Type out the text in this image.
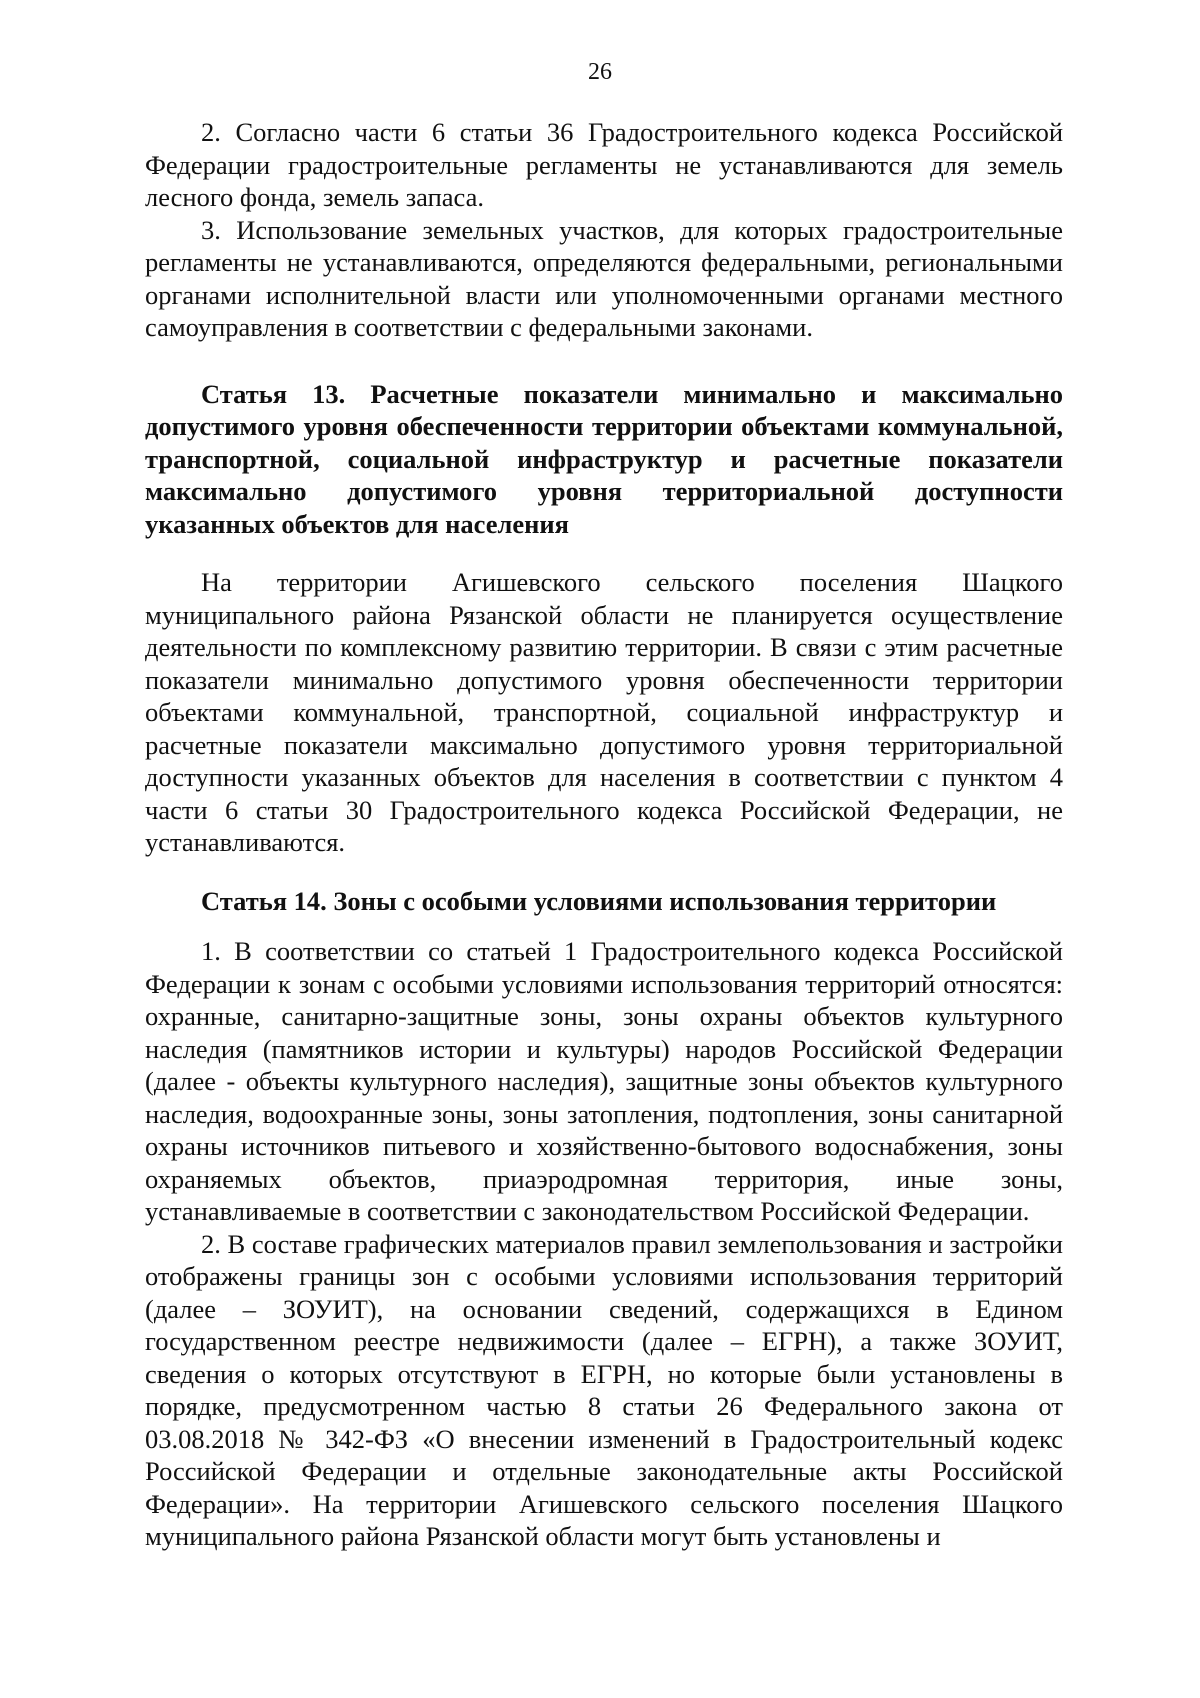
26

2. Согласно части 6 статьи 36 Градостроительного кодекса Российской Федерации градостроительные регламенты не устанавливаются для земель лесного фонда, земель запаса.

3. Использование земельных участков, для которых градостроительные регламенты не устанавливаются, определяются федеральными, региональными органами исполнительной власти или уполномоченными органами местного самоуправления в соответствии с федеральными законами.

Статья 13. Расчетные показатели минимально и максимально допустимого уровня обеспеченности территории объектами коммунальной, транспортной, социальной инфраструктур и расчетные показатели максимально допустимого уровня территориальной доступности указанных объектов для населения

На территории Агишевского сельского поселения Шацкого муниципального района Рязанской области не планируется осуществление деятельности по комплексному развитию территории. В связи с этим расчетные показатели минимально допустимого уровня обеспеченности территории объектами коммунальной, транспортной, социальной инфраструктур и расчетные показатели максимально допустимого уровня территориальной доступности указанных объектов для населения в соответствии с пунктом 4 части 6 статьи 30 Градостроительного кодекса Российской Федерации, не устанавливаются.

Статья 14. Зоны с особыми условиями использования территории

1. В соответствии со статьей 1 Градостроительного кодекса Российской Федерации к зонам с особыми условиями использования территорий относятся: охранные, санитарно-защитные зоны, зоны охраны объектов культурного наследия (памятников истории и культуры) народов Российской Федерации (далее - объекты культурного наследия), защитные зоны объектов культурного наследия, водоохранные зоны, зоны затопления, подтопления, зоны санитарной охраны источников питьевого и хозяйственно-бытового водоснабжения, зоны охраняемых объектов, приаэродромная территория, иные зоны, устанавливаемые в соответствии с законодательством Российской Федерации.

2. В составе графических материалов правил землепользования и застройки отображены границы зон с особыми условиями использования территорий (далее – ЗОУИТ), на основании сведений, содержащихся в Едином государственном реестре недвижимости (далее – ЕГРН), а также ЗОУИТ, сведения о которых отсутствуют в ЕГРН, но которые были установлены в порядке, предусмотренном частью 8 статьи 26 Федерального закона от 03.08.2018 № 342-ФЗ «О внесении изменений в Градостроительный кодекс Российской Федерации и отдельные законодательные акты Российской Федерации». На территории Агишевского сельского поселения Шацкого муниципального района Рязанской области могут быть установлены и
